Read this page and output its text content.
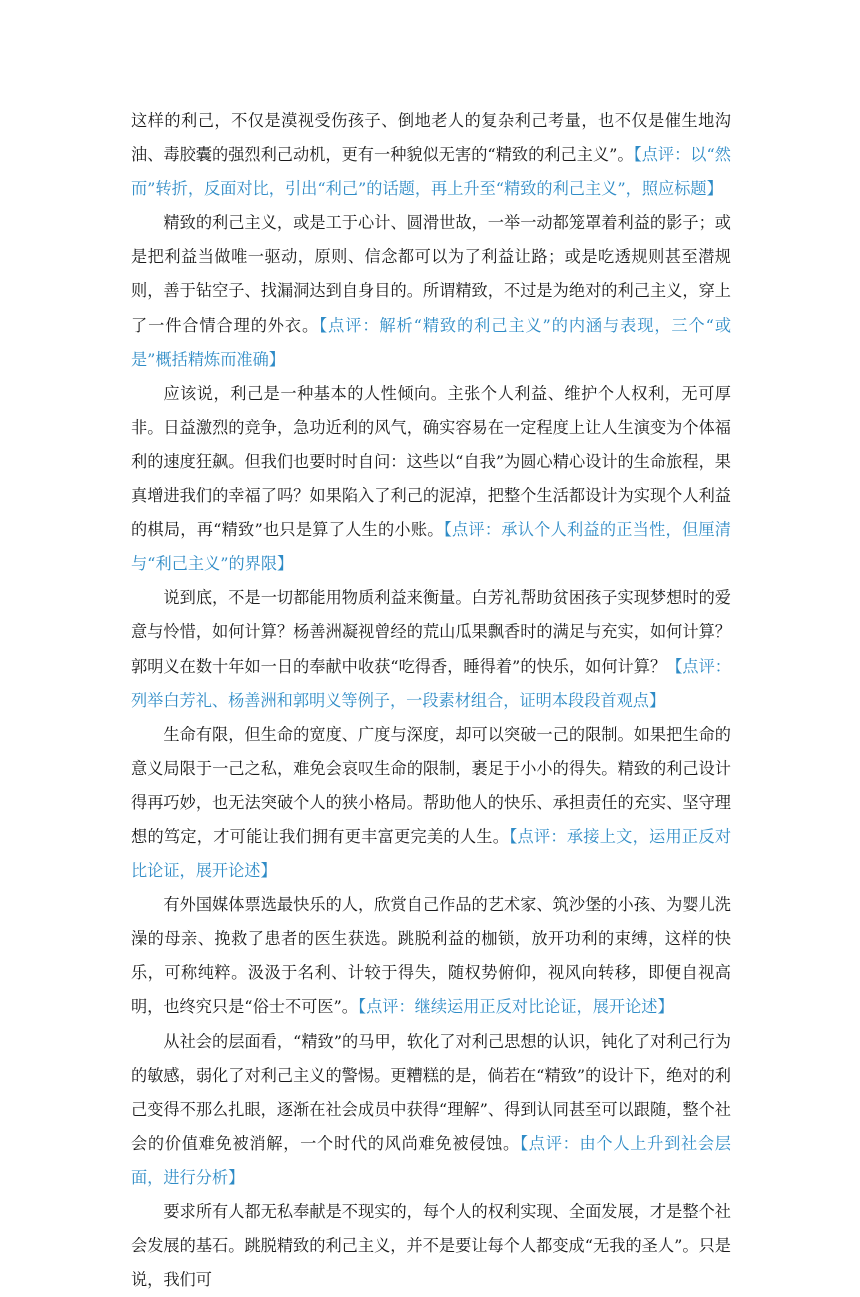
这样的利己，不仅是漠视受伤孩子、倒地老人的复杂利己考量，也不仅是催生地沟油、毒胶囊的强烈利己动机，更有一种貌似无害的“精致的利己主义”。【点评：以“然而”转折，反面对比，引出“利己”的话题，再上升至“精致的利己主义”，照应标题】

精致的利己主义，或是工于心计、圆滑世故，一举一动都笼罩着利益的影子；或是把利益当做唯一驱动，原则、信念都可以为了利益让路；或是吃透规则甚至潜规则，善于钻空子、找漏洞达到自身目的。所谓精致，不过是为绝对的利己主义，穿上了一件合情合理的外衣。【点评：解析“精致的利己主义”的内涵与表现，三个“或是”概括精炼而准确】

应该说，利己是一种基本的人性倾向。主张个人利益、维护个人权利，无可厚非。日益激烈的竞争，急功近利的风气，确实容易在一定程度上让人生演变为个体福利的速度狂飙。但我们也要时时自问：这些以“自我”为圆心精心设计的生命旅程，果真增进我们的幸福了吗？如果陷入了利己的泥淖，把整个生活都设计为实现个人利益的棋局，再“精致”也只是算了人生的小账。【点评：承认个人利益的正当性，但厘清与“利己主义”的界限】

说到底，不是一切都能用物质利益来衡量。白芳礼帮助贫困孩子实现梦想时的爱意与怜惜，如何计算？杨善洲凝视曾经的荒山瓜果飘香时的满足与充实，如何计算？郭明义在数十年如一日的奉献中收获“吃得香，睡得着”的快乐，如何计算？【点评：列举白芳礼、杨善洲和郭明义等例子，一段素材组合，证明本段段首观点】

生命有限，但生命的宽度、广度与深度，却可以突破一己的限制。如果把生命的意义局限于一己之私，难免会哀叹生命的限制，裹足于小小的得失。精致的利己设计得再巧妙，也无法突破个人的狭小格局。帮助他人的快乐、承担责任的充实、坚守理想的笃定，才可能让我们拥有更丰富更完美的人生。【点评：承接上文，运用正反对比论证，展开论述】

有外国媒体票选最快乐的人，欣赏自己作品的艺术家、筑沙堡的小孩、为婴儿洗澡的母亲、挽救了患者的医生获选。跳脱利益的枷锁，放开功利的束缚，这样的快乐，可称纯粹。汲汲于名利、计较于得失，随权势俯仰，视风向转移，即便自视高明，也终究只是“俗士不可医”。【点评：继续运用正反对比论证，展开论述】

从社会的层面看，“精致”的马甲，软化了对利己思想的认识，钝化了对利己行为的敏感，弱化了对利己主义的警惕。更糟糕的是，倘若在“精致”的设计下，绝对的利己变得不那么扎眼，逐渐在社会成员中获得“理解”、得到认同甚至可以跟随，整个社会的价值难免被消解，一个时代的风尚难免被侵蚀。【点评：由个人上升到社会层面，进行分析】

要求所有人都无私奉献是不现实的，每个人的权利实现、全面发展，才是整个社会发展的基石。跳脱精致的利己主义，并不是要让每个人都变成“无我的圣人”。只是说，我们可
